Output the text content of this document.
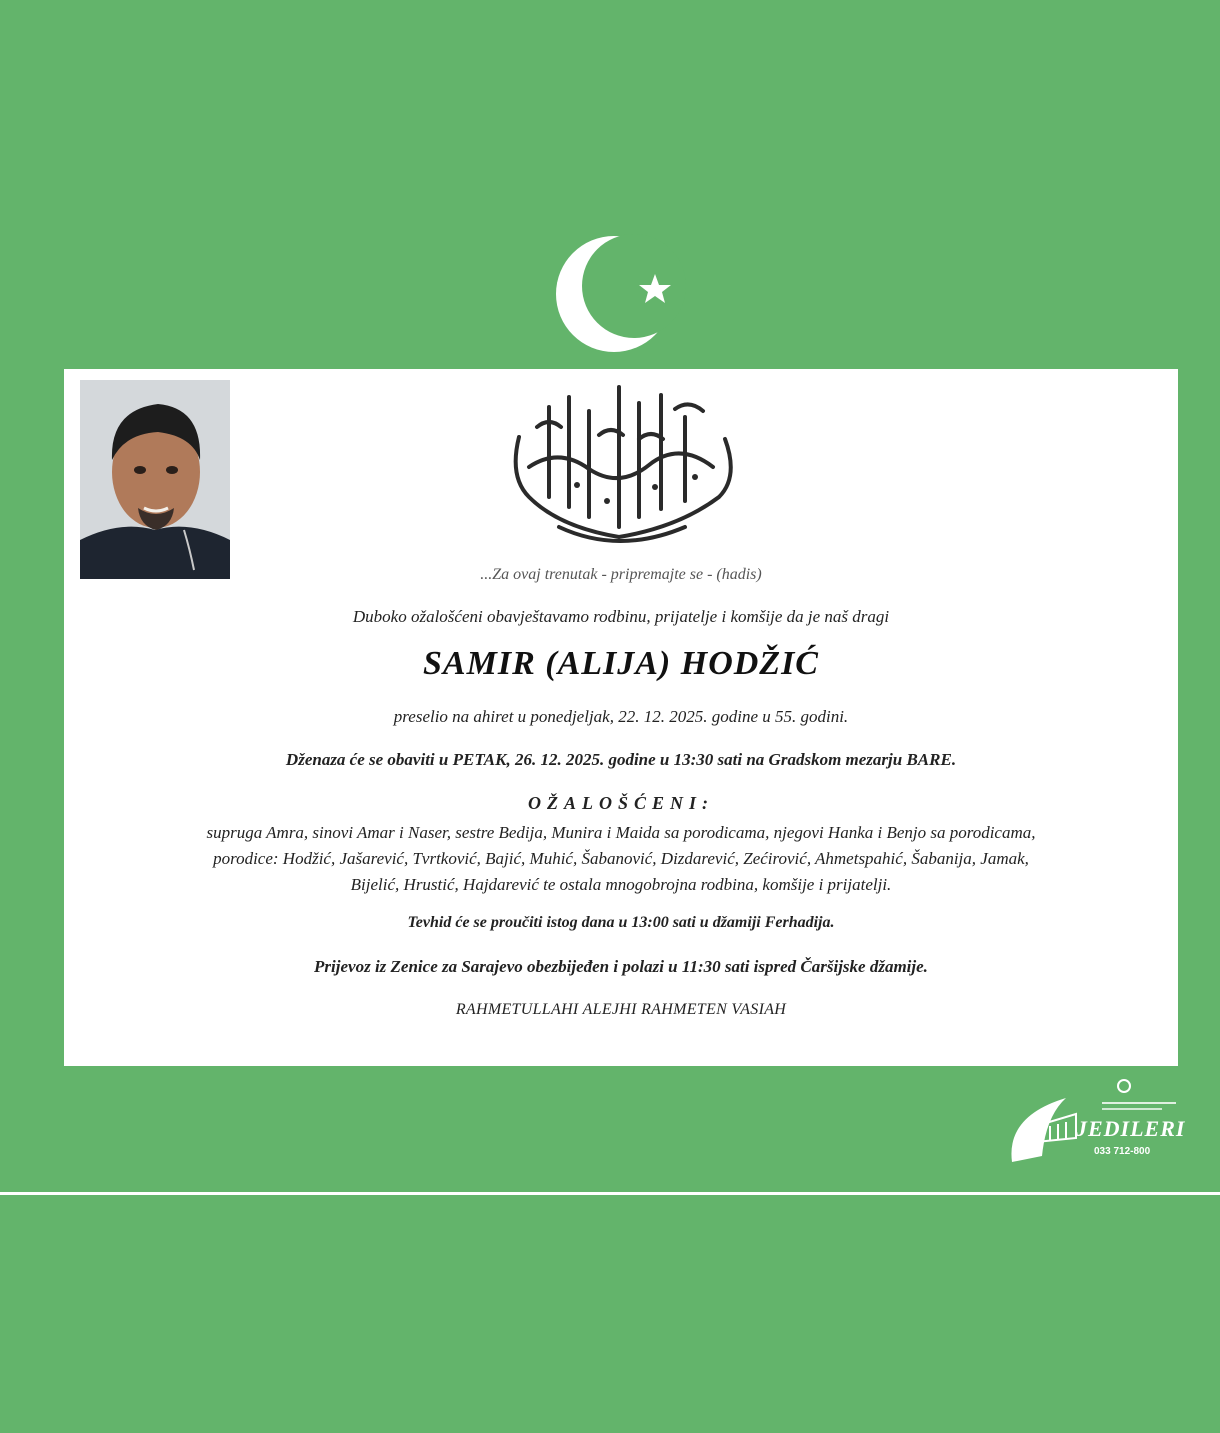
...Za ovaj trenutak - pripremajte se - (hadis)
Duboko ožalošćeni obavještavamo rodbinu, prijatelje i komšije da je naš dragi
SAMIR (ALIJA) HODŽIĆ
preselio na ahiret u ponedjeljak, 22. 12. 2025. godine u 55. godini.
Dženaza će se obaviti u PETAK, 26. 12. 2025. godine u 13:30 sati na Gradskom mezarju BARE.
OŽALOŠĆENI:
supruga Amra, sinovi Amar i Naser, sestre Bedija, Munira i Maida sa porodicama, njegovi Hanka i Benjo sa porodicama,
porodice: Hodžić, Jašarević, Tvrtković, Bajić, Muhić, Šabanović, Dizdarević, Zećirović, Ahmetspahić, Šabanija, Jamak,
Bijelić, Hrustić, Hajdarević te ostala mnogobrojna rodbina, komšije i prijatelji.
Tevhid će se proučiti istog dana u 13:00 sati u džamiji Ferhadija.
Prijevoz iz Zenice za Sarajevo obezbijeđen i polazi u 11:30 sati ispred Čaršijske džamije.
RAHMETULLAHI ALEJHI RAHMETEN VASIAH
JEDILERI
033 712-800
